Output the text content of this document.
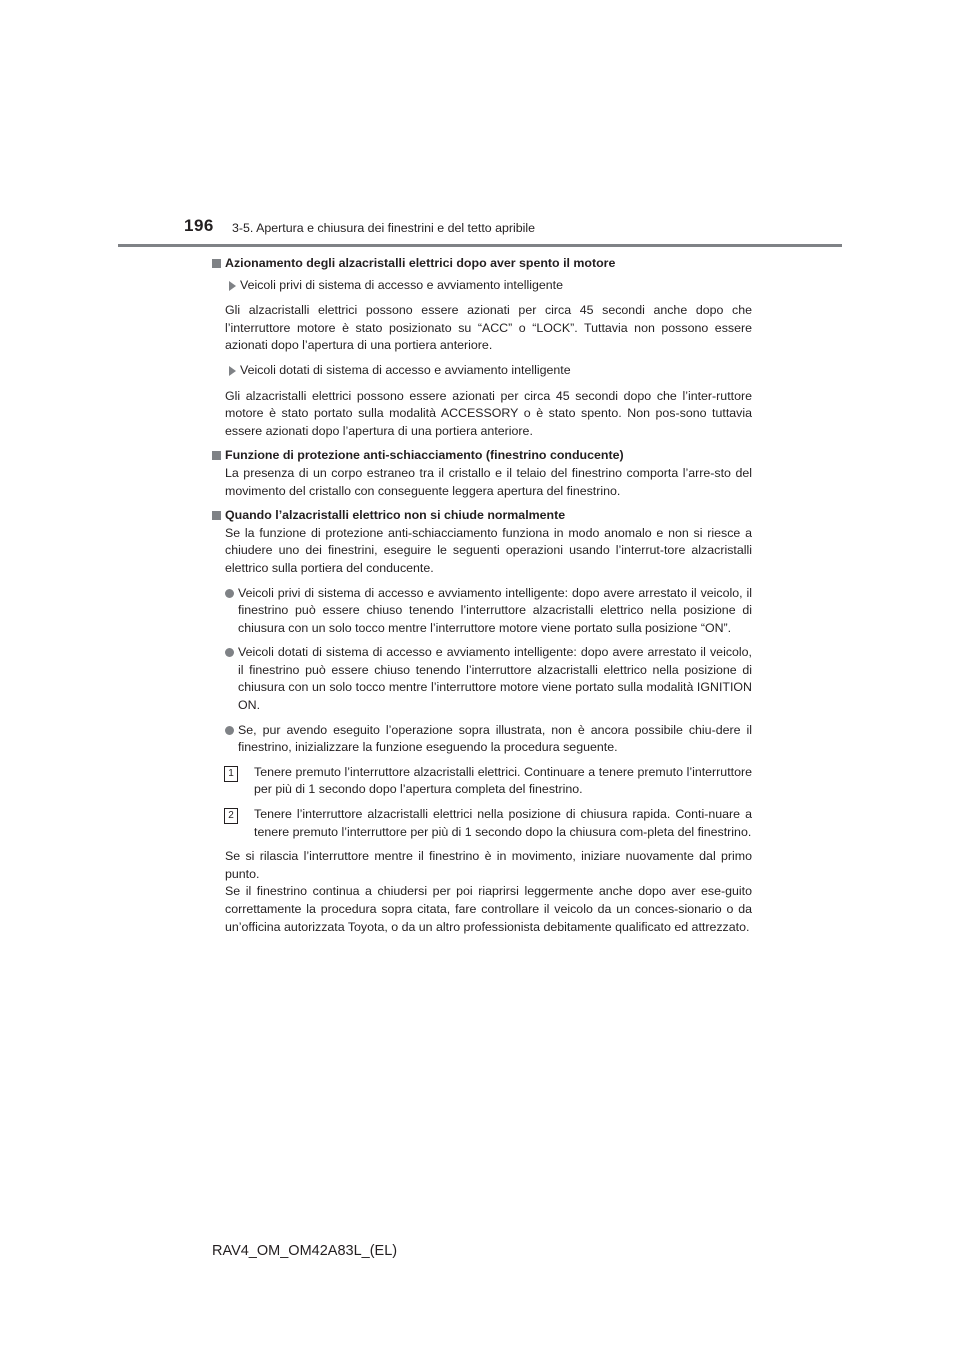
196 3-5. Apertura e chiusura dei finestrini e del tetto apribile
Azionamento degli alzacristalli elettrici dopo aver spento il motore
Veicoli privi di sistema di accesso e avviamento intelligente
Gli alzacristalli elettrici possono essere azionati per circa 45 secondi anche dopo che l’interruttore motore è stato posizionato su “ACC” o “LOCK”. Tuttavia non possono essere azionati dopo l’apertura di una portiera anteriore.
Veicoli dotati di sistema di accesso e avviamento intelligente
Gli alzacristalli elettrici possono essere azionati per circa 45 secondi dopo che l’inter-ruttore motore è stato portato sulla modalità ACCESSORY o è stato spento. Non pos-sono tuttavia essere azionati dopo l’apertura di una portiera anteriore.
Funzione di protezione anti-schiacciamento (finestrino conducente)
La presenza di un corpo estraneo tra il cristallo e il telaio del finestrino comporta l’arre-sto del movimento del cristallo con conseguente leggera apertura del finestrino.
Quando l’alzacristalli elettrico non si chiude normalmente
Se la funzione di protezione anti-schiacciamento funziona in modo anomalo e non si riesce a chiudere uno dei finestrini, eseguire le seguenti operazioni usando l’interrut-tore alzacristalli elettrico sulla portiera del conducente.
Veicoli privi di sistema di accesso e avviamento intelligente: dopo avere arrestato il veicolo, il finestrino può essere chiuso tenendo l’interruttore alzacristalli elettrico nella posizione di chiusura con un solo tocco mentre l’interruttore motore viene portato sulla posizione “ON”.
Veicoli dotati di sistema di accesso e avviamento intelligente: dopo avere arrestato il veicolo, il finestrino può essere chiuso tenendo l’interruttore alzacristalli elettrico nella posizione di chiusura con un solo tocco mentre l’interruttore motore viene portato sulla modalità IGNITION ON.
Se, pur avendo eseguito l’operazione sopra illustrata, non è ancora possibile chiu-dere il finestrino, inizializzare la funzione eseguendo la procedura seguente.
1	Tenere premuto l’interruttore alzacristalli elettrici. Continuare a tenere premuto l’interruttore per più di 1 secondo dopo l’apertura completa del finestrino.
2	Tenere l’interruttore alzacristalli elettrici nella posizione di chiusura rapida. Conti-nuare a tenere premuto l’interruttore per più di 1 secondo dopo la chiusura com-pleta del finestrino.
Se si rilascia l’interruttore mentre il finestrino è in movimento, iniziare nuovamente dal primo punto.
Se il finestrino continua a chiudersi per poi riaprirsi leggermente anche dopo aver ese-guito correttamente la procedura sopra citata, fare controllare il veicolo da un conces-sionario o da un’officina autorizzata Toyota, o da un altro professionista debitamente qualificato ed attrezzato.
RAV4_OM_OM42A83L_(EL)
